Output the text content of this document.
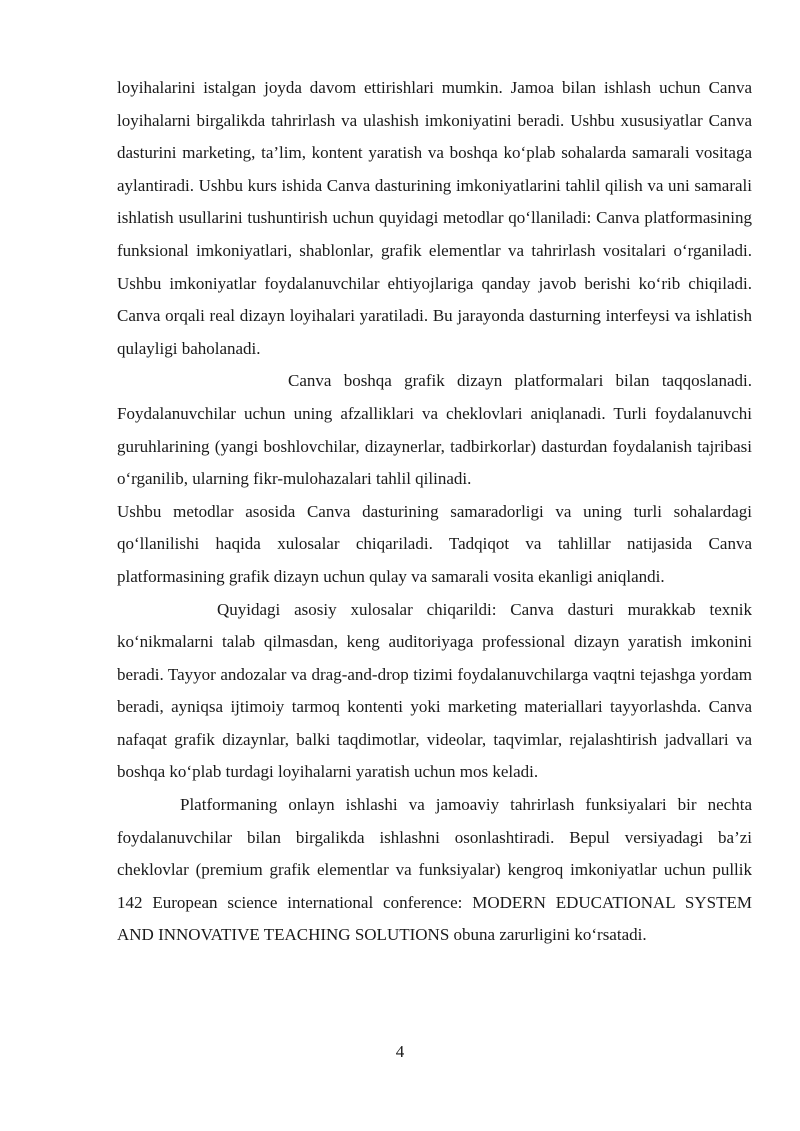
loyihalarini istalgan joyda davom ettirishlari mumkin. Jamoa bilan ishlash uchun Canva loyihalarni birgalikda tahrirlash va ulashish imkoniyatini beradi. Ushbu xususiyatlar Canva dasturini marketing, ta’lim, kontent yaratish va boshqa ko‘plab sohalarda samarali vositaga aylantiradi. Ushbu kurs ishida Canva dasturining imkoniyatlarini tahlil qilish va uni samarali ishlatish usullarini tushuntirish uchun quyidagi metodlar qo‘llaniladi: Canva platformasining funksional imkoniyatlari, shablonlar, grafik elementlar va tahrirlash vositalari o‘rganiladi. Ushbu imkoniyatlar foydalanuvchilar ehtiyojlariga qanday javob berishi ko‘rib chiqiladi. Canva orqali real dizayn loyihalari yaratiladi. Bu jarayonda dasturning interfeysi va ishlatish qulayligi baholanadi.

Canva boshqa grafik dizayn platformalari bilan taqqoslanadi. Foydalanuvchilar uchun uning afzalliklari va cheklovlari aniqlanadi. Turli foydalanuvchi guruhlarining (yangi boshlovchilar, dizaynerlar, tadbirkorlar) dasturdan foydalanish tajribasi o‘rganilib, ularning fikr-mulohazalari tahlil qilinadi.

Ushbu metodlar asosida Canva dasturining samaradorligi va uning turli sohalardagi qo‘llanilishi haqida xulosalar chiqariladi. Tadqiqot va tahlillar natijasida Canva platformasining grafik dizayn uchun qulay va samarali vosita ekanligi aniqlandi.

Quyidagi asosiy xulosalar chiqarildi: Canva dasturi murakkab texnik ko‘nikmalarni talab qilmasdan, keng auditoriyaga professional dizayn yaratish imkonini beradi. Tayyor andozalar va drag-and-drop tizimi foydalanuvchilarga vaqtni tejashga yordam beradi, ayniqsa ijtimoiy tarmoq kontenti yoki marketing materiallari tayyorlashda. Canva nafaqat grafik dizaynlar, balki taqdimotlar, videolar, taqvimlar, rejalashtirish jadvallari va boshqa ko‘plab turdagi loyihalarni yaratish uchun mos keladi.

Platformaning onlayn ishlashi va jamoaviy tahrirlash funksiyalari bir nechta foydalanuvchilar bilan birgalikda ishlashni osonlashtiradi. Bepul versiyadagi ba’zi cheklovlar (premium grafik elementlar va funksiyalar) kengroq imkoniyatlar uchun pullik 142 European science international conference: MODERN EDUCATIONAL SYSTEM AND INNOVATIVE TEACHING SOLUTIONS obuna zarurligini ko‘rsatadi.

4
